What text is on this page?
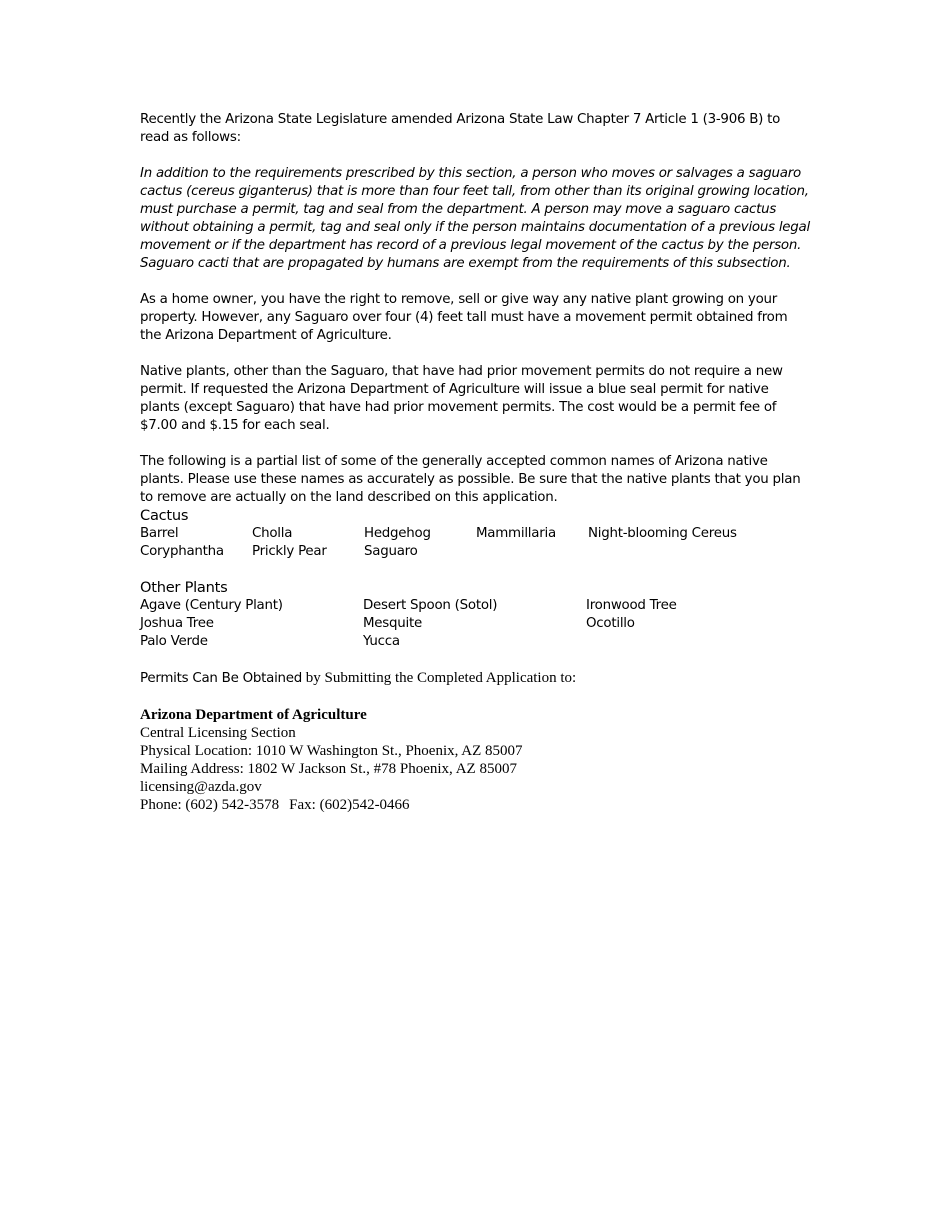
Recently the Arizona State Legislature amended Arizona State Law Chapter 7 Article 1 (3-906 B) to read as follows:

In addition to the requirements prescribed by this section, a person who moves or salvages a saguaro cactus (cereus giganterus) that is more than four feet tall, from other than its original growing location, must purchase a permit, tag and seal from the department. A person may move a saguaro cactus without obtaining a permit, tag and seal only if the person maintains documentation of a previous legal movement or if the department has record of a previous legal movement of the cactus by the person. Saguaro cacti that are propagated by humans are exempt from the requirements of this subsection.

As a home owner, you have the right to remove, sell or give way any native plant growing on your property. However, any Saguaro over four (4) feet tall must have a movement permit obtained from the Arizona Department of Agriculture.

Native plants, other than the Saguaro, that have had prior movement permits do not require a new permit. If requested the Arizona Department of Agriculture will issue a blue seal permit for native plants (except Saguaro) that have had prior movement permits. The cost would be a permit fee of $7.00 and $.15 for each seal.

The following is a partial list of some of the generally accepted common names of Arizona native plants. Please use these names as accurately as possible. Be sure that the native plants that you plan to remove are actually on the land described on this application.

Cactus
Barrel	Cholla	Hedgehog	Mammillaria	Night-blooming Cereus
Coryphantha	Prickly Pear	Saguaro
Other Plants
Agave (Century Plant)	Desert Spoon (Sotol)	Ironwood Tree
Joshua Tree	Mesquite	Ocotillo
Palo Verde	Yucca

Permits Can Be Obtained by Submitting the Completed Application to:

Arizona Department of Agriculture
Central Licensing Section
Physical Location: 1010 W Washington St., Phoenix, AZ 85007
Mailing Address: 1802 W Jackson St., #78 Phoenix, AZ 85007
licensing@azda.gov
Phone: (602) 542-3578 Fax: (602)542-0466
